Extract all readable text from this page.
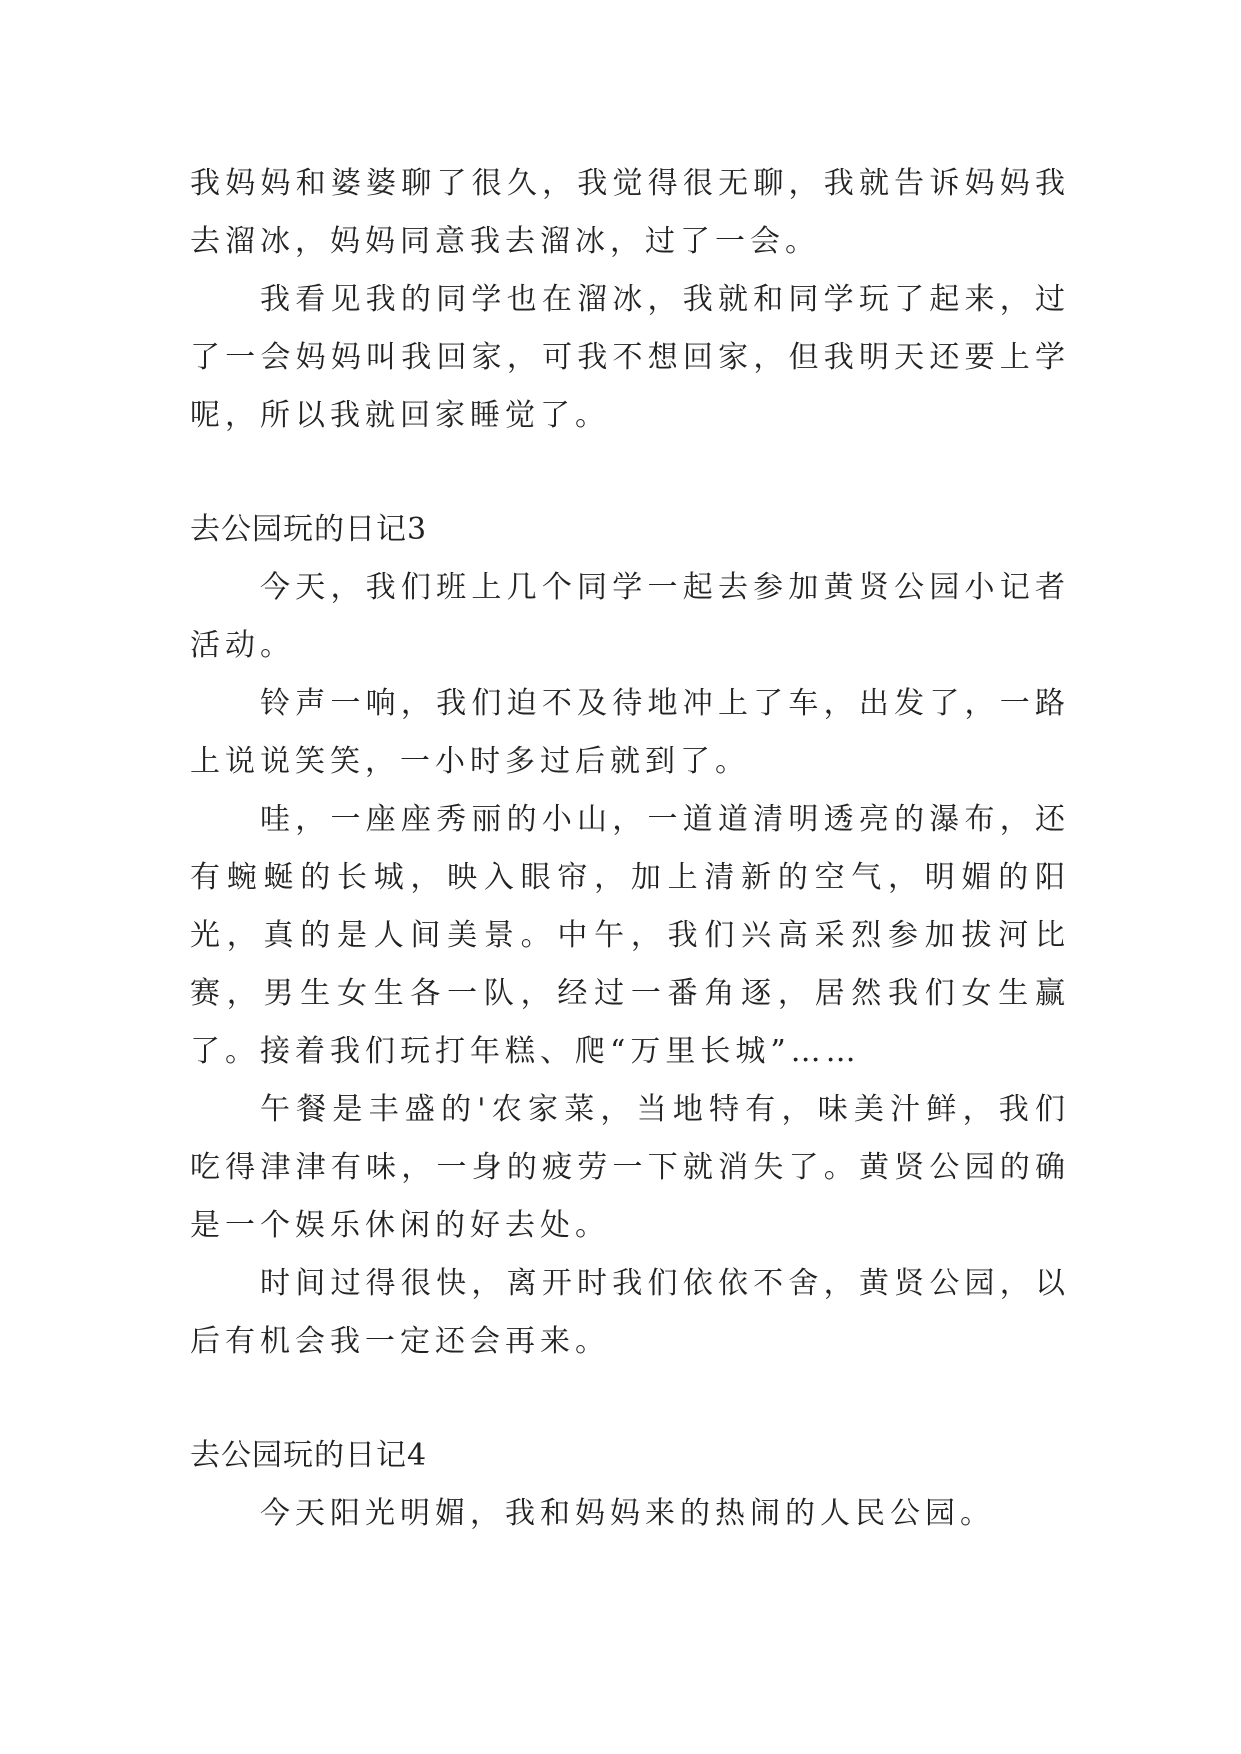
我妈妈和婆婆聊了很久，我觉得很无聊，我就告诉妈妈我去溜冰，妈妈同意我去溜冰，过了一会。

我看见我的同学也在溜冰，我就和同学玩了起来，过了一会妈妈叫我回家，可我不想回家，但我明天还要上学呢，所以我就回家睡觉了。

去公园玩的日记3

今天，我们班上几个同学一起去参加黄贤公园小记者活动。

铃声一响，我们迫不及待地冲上了车，出发了，一路上说说笑笑，一小时多过后就到了。

哇，一座座秀丽的小山，一道道清明透亮的瀑布，还有蜿蜒的长城，映入眼帘，加上清新的空气，明媚的阳光，真的是人间美景。中午，我们兴高采烈参加拔河比赛，男生女生各一队，经过一番角逐，居然我们女生赢了。接着我们玩打年糕、爬“万里长城”……

午餐是丰盛的'农家菜，当地特有，味美汁鲜，我们吃得津津有味，一身的疲劳一下就消失了。黄贤公园的确是一个娱乐休闲的好去处。

时间过得很快，离开时我们依依不舍，黄贤公园，以后有机会我一定还会再来。

去公园玩的日记4

今天阳光明媚，我和妈妈来的热闹的人民公园。
